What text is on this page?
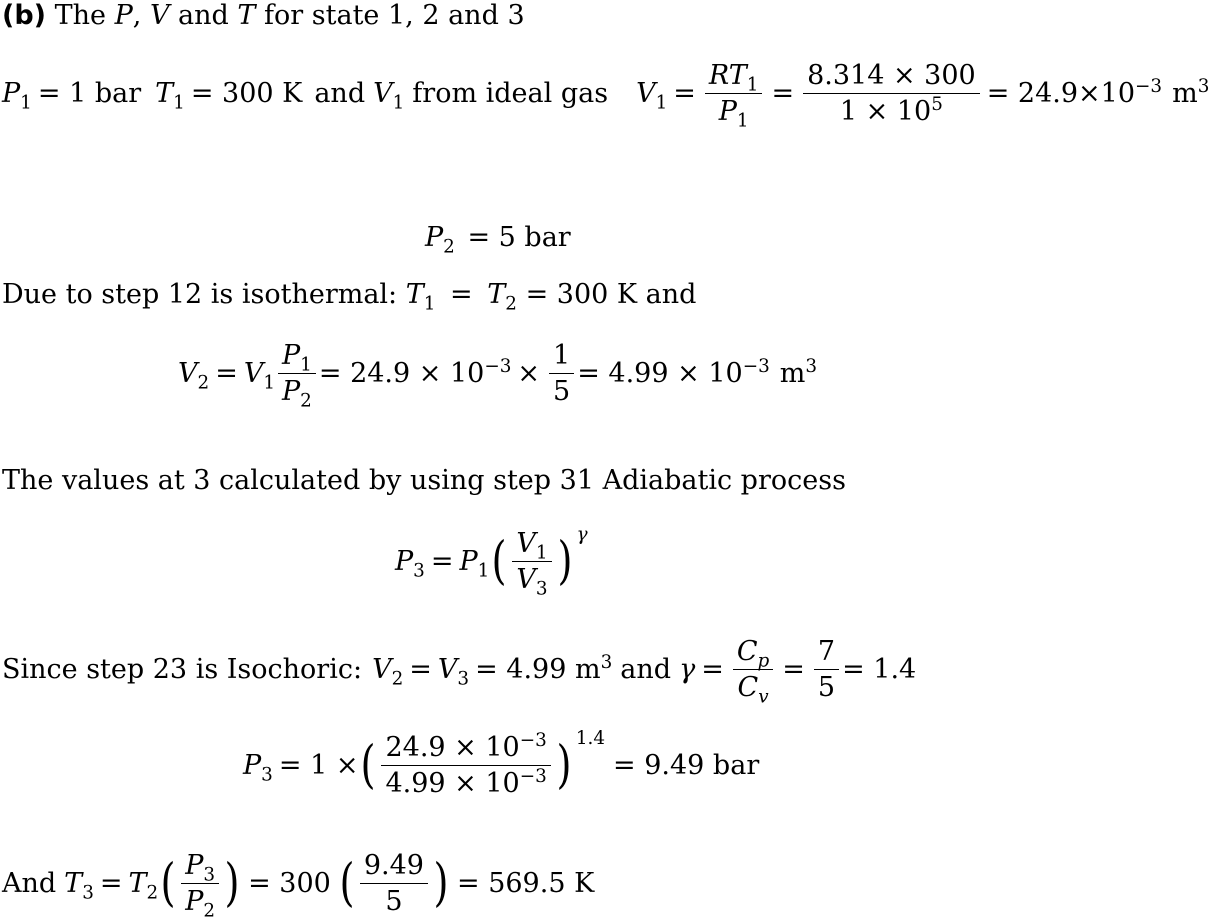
(b) The P, V and T for state 1, 2 and 3
$P_1 = 1$ bar $T_1 = 300$ K and $V_1$ from ideal gas $V_1 = \frac{RT_1}{P_1} = \frac{8.314 \times 300}{1 \times 10^5} = 24.9\times 10^{-3}$ $m^3$
$P_2 = 5$ bar
Due to step 12 is isothermal: $T_1 = T_2 = 300$ K and
$V_2 = V_1 \frac{P_1}{P_2} = 24.9 \times 10^{-3} \times \frac{1}{5} = 4.99 \times 10^{-3}$ $m^3$
The values at 3 calculated by using step 31 Adiabatic process
$P_3 = P_1$ ( $\frac{V_1}{V_3}$ ) γ
Since step 23 is Isochoric: $V_2 = V_3 = 4.99$ $m^3$ and $\gamma = \frac{C_p}{C_v} = \frac{7}{5} = 1.4$
$P_3 = 1$ × ( $\frac{24.9 \times 10^{-3}}{4.99 \times 10^{-3}}$ ) 1.4
= 9.49 bar
And $T_3 = T_2$ ( $\frac{P_3}{P_2}$ ) = 300 ( $\frac{9.49}{5}$ ) = 569.5 K
